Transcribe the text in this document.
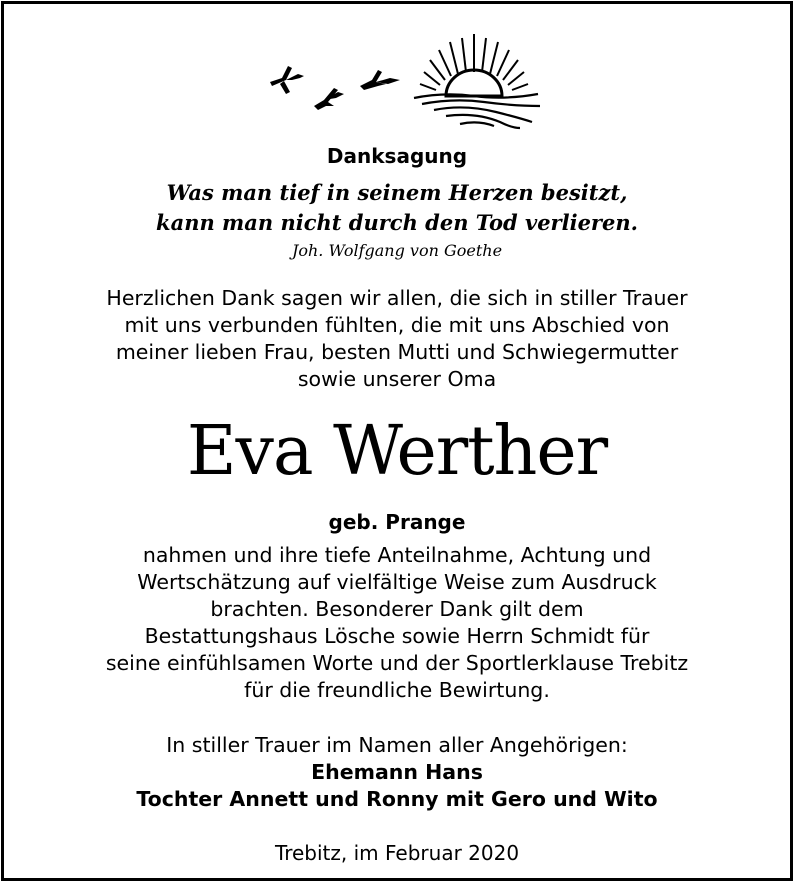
Danksagung
Was man tief in seinem Herzen besitzt,
kann man nicht durch den Tod verlieren.
Joh. Wolfgang von Goethe
Herzlichen Dank sagen wir allen, die sich in stiller Trauer
mit uns verbunden fühlten, die mit uns Abschied von
meiner lieben Frau, besten Mutti und Schwiegermutter
sowie unserer Oma
Eva Werther
geb. Prange
nahmen und ihre tiefe Anteilnahme, Achtung und
Wertschätzung auf vielfältige Weise zum Ausdruck
brachten. Besonderer Dank gilt dem
Bestattungshaus Lösche sowie Herrn Schmidt für
seine einfühlsamen Worte und der Sportlerklause Trebitz
für die freundliche Bewirtung.
In stiller Trauer im Namen aller Angehörigen:
Ehemann Hans
Tochter Annett und Ronny mit Gero und Wito
Trebitz, im Februar 2020
